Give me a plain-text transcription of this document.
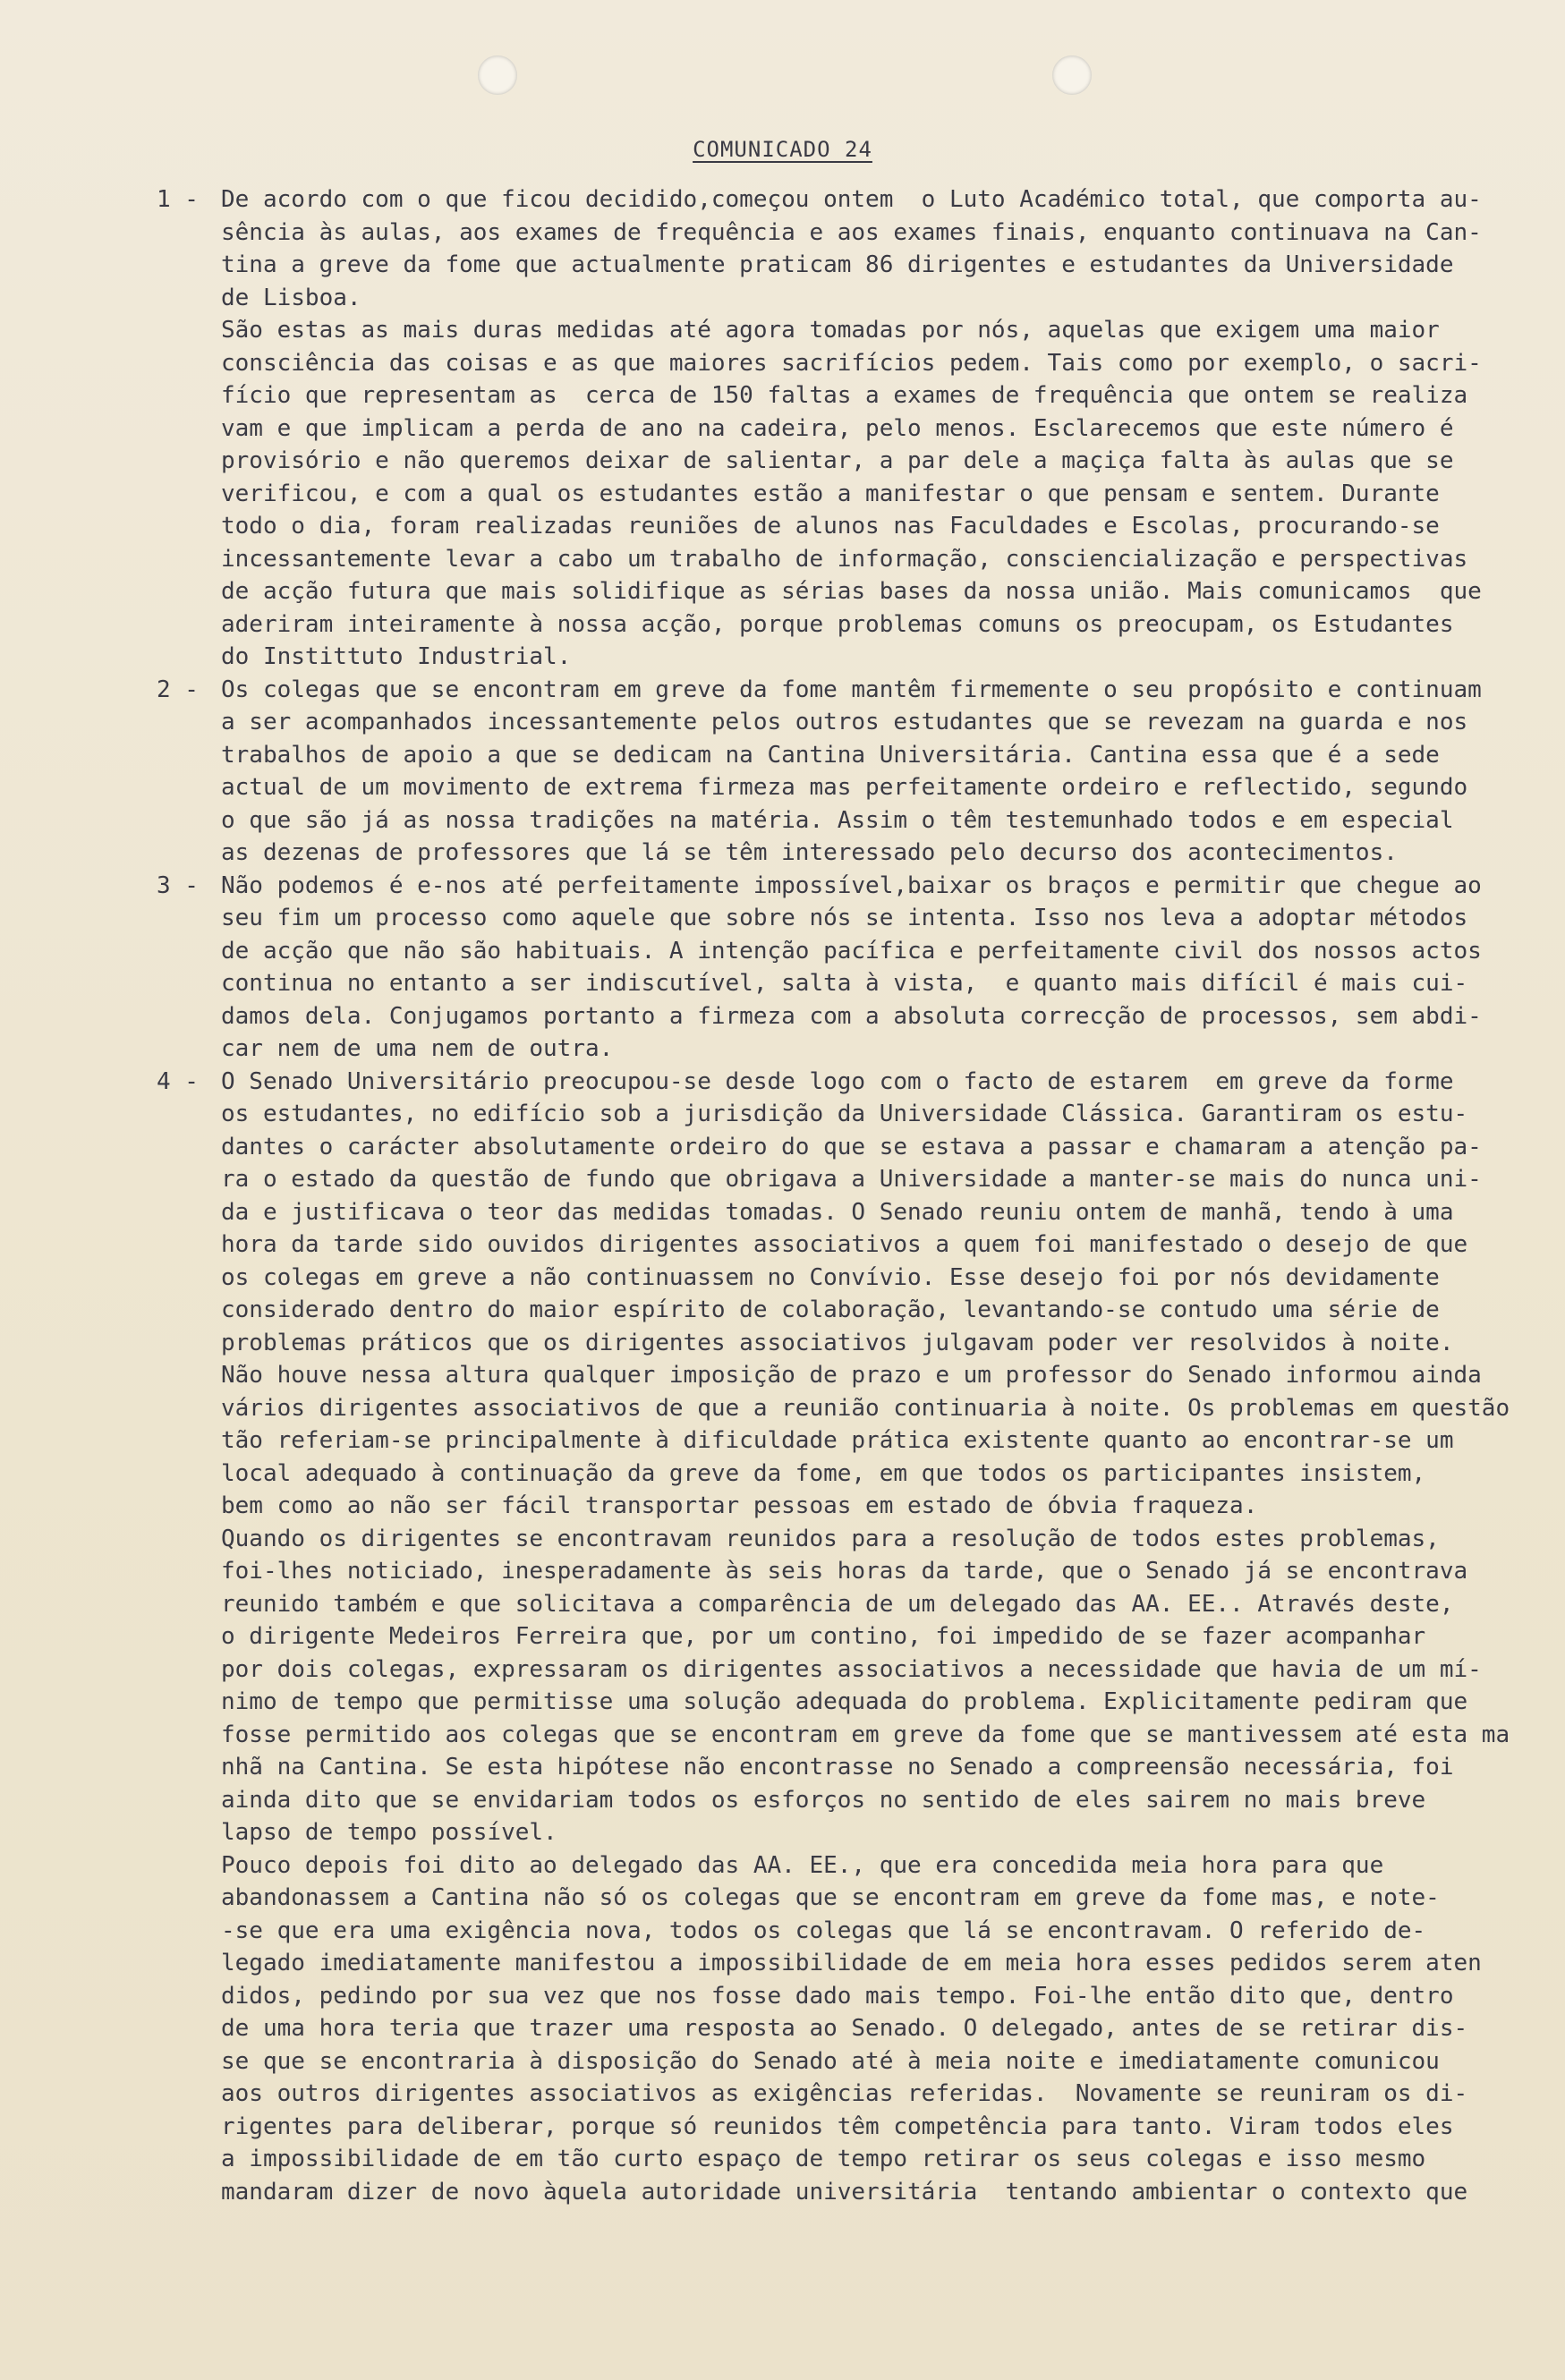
COMUNICADO 24
1 - De acordo com o que ficou decidido,começou ontem  o Luto Académico total, que comporta au-
sência às aulas, aos exames de frequência e aos exames finais, enquanto continuava na Can-
tina a greve da fome que actualmente praticam 86 dirigentes e estudantes da Universidade
de Lisboa.
São estas as mais duras medidas até agora tomadas por nós, aquelas que exigem uma maior
consciência das coisas e as que maiores sacrifícios pedem. Tais como por exemplo, o sacri-
fício que representam as  cerca de 150 faltas a exames de frequência que ontem se realiza
vam e que implicam a perda de ano na cadeira, pelo menos. Esclarecemos que este número é
provisório e não queremos deixar de salientar, a par dele a maçiça falta às aulas que se
verificou, e com a qual os estudantes estão a manifestar o que pensam e sentem. Durante
todo o dia, foram realizadas reuniões de alunos nas Faculdades e Escolas, procurando-se
incessantemente levar a cabo um trabalho de informação, consciencialização e perspectivas
de acção futura que mais solidifique as sérias bases da nossa união. Mais comunicamos  que
aderiram inteiramente à nossa acção, porque problemas comuns os preocupam, os Estudantes
do Instittuto Industrial.
2 - Os colegas que se encontram em greve da fome mantêm firmemente o seu propósito e continuam
a ser acompanhados incessantemente pelos outros estudantes que se revezam na guarda e nos
trabalhos de apoio a que se dedicam na Cantina Universitária. Cantina essa que é a sede
actual de um movimento de extrema firmeza mas perfeitamente ordeiro e reflectido, segundo
o que são já as nossa tradições na matéria. Assim o têm testemunhado todos e em especial
as dezenas de professores que lá se têm interessado pelo decurso dos acontecimentos.
3 - Não podemos é e-nos até perfeitamente impossível,baixar os braços e permitir que chegue ao
seu fim um processo como aquele que sobre nós se intenta. Isso nos leva a adoptar métodos
de acção que não são habituais. A intenção pacífica e perfeitamente civil dos nossos actos
continua no entanto a ser indiscutível, salta à vista,  e quanto mais difícil é mais cui-
damos dela. Conjugamos portanto a firmeza com a absoluta correcção de processos, sem abdi-
car nem de uma nem de outra.
4 - O Senado Universitário preocupou-se desde logo com o facto de estarem  em greve da forme
os estudantes, no edifício sob a jurisdição da Universidade Clássica. Garantiram os estu-
dantes o carácter absolutamente ordeiro do que se estava a passar e chamaram a atenção pa-
ra o estado da questão de fundo que obrigava a Universidade a manter-se mais do nunca uni-
da e justificava o teor das medidas tomadas. O Senado reuniu ontem de manhã, tendo à uma
hora da tarde sido ouvidos dirigentes associativos a quem foi manifestado o desejo de que
os colegas em greve a não continuassem no Convívio. Esse desejo foi por nós devidamente
considerado dentro do maior espírito de colaboração, levantando-se contudo uma série de
problemas práticos que os dirigentes associativos julgavam poder ver resolvidos à noite.
Não houve nessa altura qualquer imposição de prazo e um professor do Senado informou ainda
vários dirigentes associativos de que a reunião continuaria à noite. Os problemas em questão
tão referiam-se principalmente à dificuldade prática existente quanto ao encontrar-se um
local adequado à continuação da greve da fome, em que todos os participantes insistem,
bem como ao não ser fácil transportar pessoas em estado de óbvia fraqueza.
Quando os dirigentes se encontravam reunidos para a resolução de todos estes problemas,
foi-lhes noticiado, inesperadamente às seis horas da tarde, que o Senado já se encontrava
reunido também e que solicitava a comparência de um delegado das AA. EE.. Através deste,
o dirigente Medeiros Ferreira que, por um contino, foi impedido de se fazer acompanhar
por dois colegas, expressaram os dirigentes associativos a necessidade que havia de um mí-
nimo de tempo que permitisse uma solução adequada do problema. Explicitamente pediram que
fosse permitido aos colegas que se encontram em greve da fome que se mantivessem até esta ma
nhã na Cantina. Se esta hipótese não encontrasse no Senado a compreensão necessária, foi
ainda dito que se envidariam todos os esforços no sentido de eles sairem no mais breve
lapso de tempo possível.
Pouco depois foi dito ao delegado das AA. EE., que era concedida meia hora para que
abandonassem a Cantina não só os colegas que se encontram em greve da fome mas, e note-
-se que era uma exigência nova, todos os colegas que lá se encontravam. O referido de-
legado imediatamente manifestou a impossibilidade de em meia hora esses pedidos serem aten
didos, pedindo por sua vez que nos fosse dado mais tempo. Foi-lhe então dito que, dentro
de uma hora teria que trazer uma resposta ao Senado. O delegado, antes de se retirar dis-
se que se encontraria à disposição do Senado até à meia noite e imediatamente comunicou
aos outros dirigentes associativos as exigências referidas.  Novamente se reuniram os di-
rigentes para deliberar, porque só reunidos têm competência para tanto. Viram todos eles
a impossibilidade de em tão curto espaço de tempo retirar os seus colegas e isso mesmo
mandaram dizer de novo àquela autoridade universitária  tentando ambientar o contexto que
